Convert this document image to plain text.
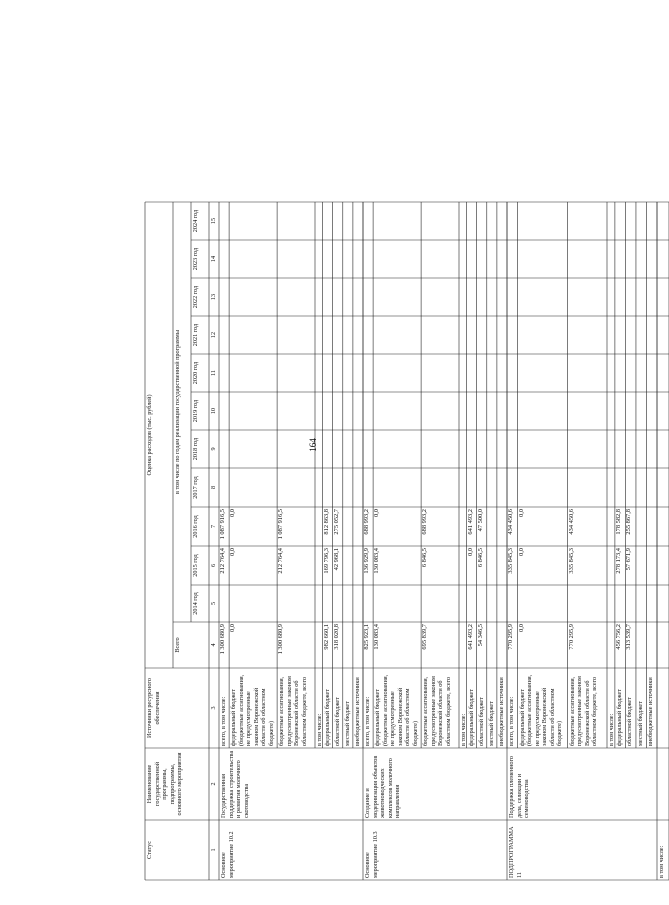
164
Статус
Наименование государственной программы, подпрограммы, основного мероприятия
Источники ресурсного обеспечения
Оценка расходов (тыс. рублей)
Всего
в том числе по годам реализации государственной программы
2014 год
2015 год
2016 год
2017 год
2018 год
2019 год
2020 год
2021 год
2022 год
2023 год
2024 год
1
2
3
4
5
6
7
8
9
10
11
12
13
14
15
Основное мероприятие 10.2
Государственная поддержка строительства и развития молочного скотоводства
всего, в том числе:
1 300 680,9
212 764,4
1 087 916,5
федеральный бюджет (бюджетные ассигнования, не предусмотренные законом Воронежской области об областном бюджете)
0,0
0,0
0,0
бюджетные ассигнования, предусмотренные законом Воронежской области об областном бюджете, всего
1 300 680,9
212 764,4
1 087 916,5
в том числе: федеральный бюджет
982 660,1
169 796,3
812 863,8
областной бюджет
318 020,8
42 968,1
275 052,7
местный бюджет внебюджетные источники
Основное мероприятие 10.3
Создание и модернизация объектов животноводческих комплексов молочного направления
всего, в том числе:
825 923,1
136 929,9
688 993,2
федеральный бюджет (бюджетные ассигнования, не предусмотренные законом Воронежской области об областном бюджете)
130 083,4
130 083,4
0,0
бюджетные ассигнования, предусмотренные законом Воронежской области об областном бюджете, всего
695 839,7
6 846,5
688 993,2
в том числе: федеральный бюджет
641 493,2
0,0
641 493,2
областной бюджет
54 346,5
6 846,5
47 500,0
местный бюджет внебюджетные источники
ПОДПРОГРАММА 11
Поддержка племенного дела, селекции и семеноводства
всего, в том числе:
770 295,9
335 845,3
434 450,6
федеральный бюджет (бюджетные ассигнования, не предусмотренные законом Воронежской области об областном бюджете)
0,0
0,0
0,0
бюджетные ассигнования, предусмотренные законом Воронежской области об областном бюджете, всего
770 295,9
335 845,3
434 450,6
в том числе: федеральный бюджет
456 756,2
278 173,4
178 582,8
областной бюджет
313 539,7
57 671,9
255 867,8
местный бюджет внебюджетные источники
в том числе:
